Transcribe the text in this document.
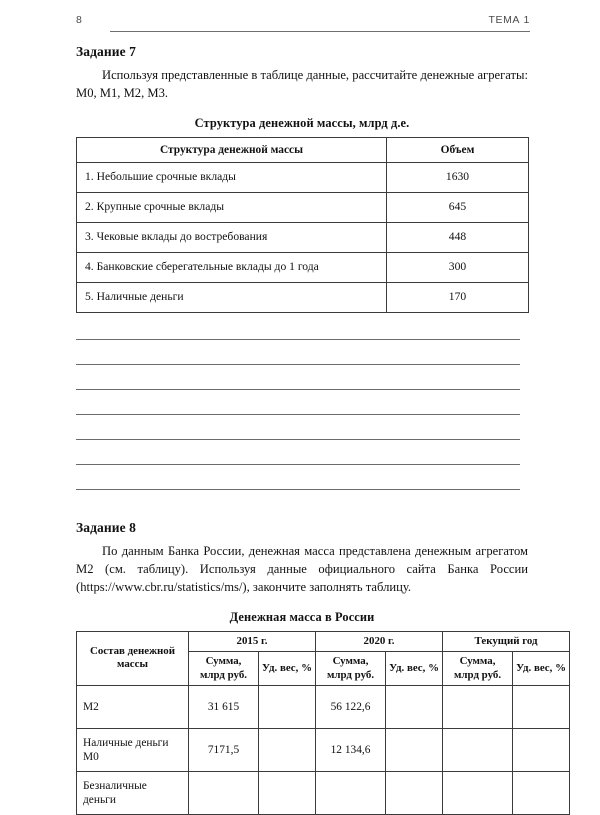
8	ТЕМА 1
Задание 7

Используя представленные в таблице данные, рассчитайте денежные агрегаты: М0, М1, М2, М3.

Структура денежной массы, млрд д.е.
Структура денежной массы	Объем
1. Небольшие срочные вклады	1630
2. Крупные срочные вклады	645
3. Чековые вклады до востребования	448
4. Банковские сберегательные вклады до 1 года	300
5. Наличные деньги	170
Задание 8

По данным Банка России, денежная масса представлена денежным агрегатом М2 (см. таблицу). Используя данные официального сайта Банка России (https://www.cbr.ru/statistics/ms/), закончите заполнять таблицу.

Денежная масса в России
Состав денежной массы	2015 г.		2020 г.		Текущий год	
	Сумма, млрд руб.	Уд. вес, %	Сумма, млрд руб.	Уд. вес, %	Сумма, млрд руб.	Уд. вес, %
М2	31 615		56 122,6			
Наличные деньги М0	7171,5		12 134,6			
Безналичные деньги						
